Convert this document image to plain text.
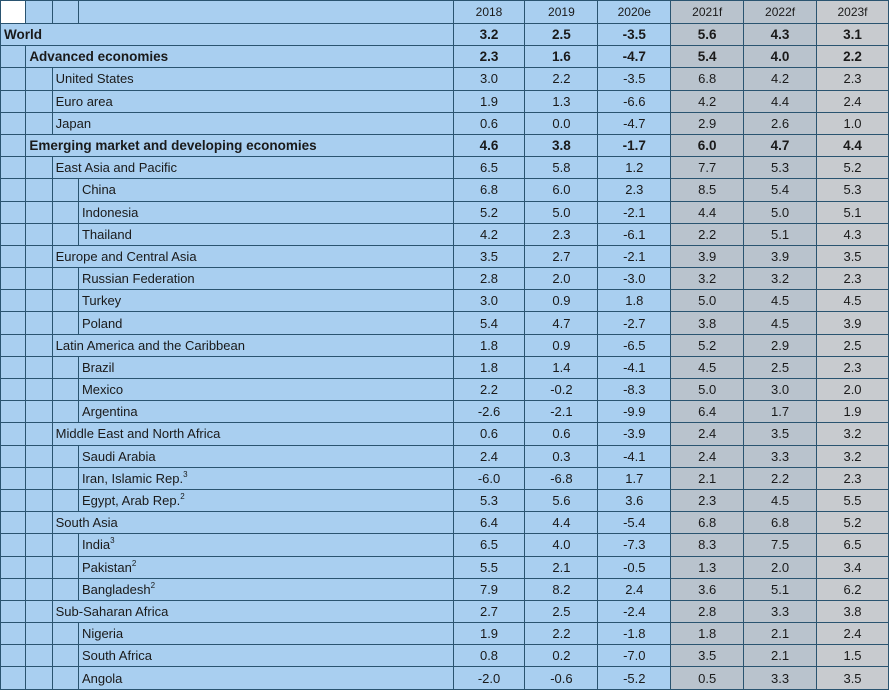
				2018	2019	2020e	2021f	2022f	2023f
World				3.2	2.5	-3.5	5.6	4.3	3.1
	Advanced economies			2.3	1.6	-4.7	5.4	4.0	2.2
		United States		3.0	2.2	-3.5	6.8	4.2	2.3
		Euro area		1.9	1.3	-6.6	4.2	4.4	2.4
		Japan		0.6	0.0	-4.7	2.9	2.6	1.0
	Emerging market and developing economies			4.6	3.8	-1.7	6.0	4.7	4.4
		East Asia and Pacific		6.5	5.8	1.2	7.7	5.3	5.2
			China	6.8	6.0	2.3	8.5	5.4	5.3
			Indonesia	5.2	5.0	-2.1	4.4	5.0	5.1
			Thailand	4.2	2.3	-6.1	2.2	5.1	4.3
		Europe and Central Asia		3.5	2.7	-2.1	3.9	3.9	3.5
			Russian Federation	2.8	2.0	-3.0	3.2	3.2	2.3
			Turkey	3.0	0.9	1.8	5.0	4.5	4.5
			Poland	5.4	4.7	-2.7	3.8	4.5	3.9
		Latin America and the Caribbean		1.8	0.9	-6.5	5.2	2.9	2.5
			Brazil	1.8	1.4	-4.1	4.5	2.5	2.3
			Mexico	2.2	-0.2	-8.3	5.0	3.0	2.0
			Argentina	-2.6	-2.1	-9.9	6.4	1.7	1.9
		Middle East and North Africa		0.6	0.6	-3.9	2.4	3.5	3.2
			Saudi Arabia	2.4	0.3	-4.1	2.4	3.3	3.2
			Iran, Islamic Rep.$^3$	-6.0	-6.8	1.7	2.1	2.2	2.3
			Egypt, Arab Rep.$^2$	5.3	5.6	3.6	2.3	4.5	5.5
		South Asia		6.4	4.4	-5.4	6.8	6.8	5.2
			India$^3$	6.5	4.0	-7.3	8.3	7.5	6.5
			Pakistan$^2$	5.5	2.1	-0.5	1.3	2.0	3.4
			Bangladesh$^2$	7.9	8.2	2.4	3.6	5.1	6.2
		Sub-Saharan Africa		2.7	2.5	-2.4	2.8	3.3	3.8
			Nigeria	1.9	2.2	-1.8	1.8	2.1	2.4
			South Africa	0.8	0.2	-7.0	3.5	2.1	1.5
			Angola	-2.0	-0.6	-5.2	0.5	3.3	3.5
